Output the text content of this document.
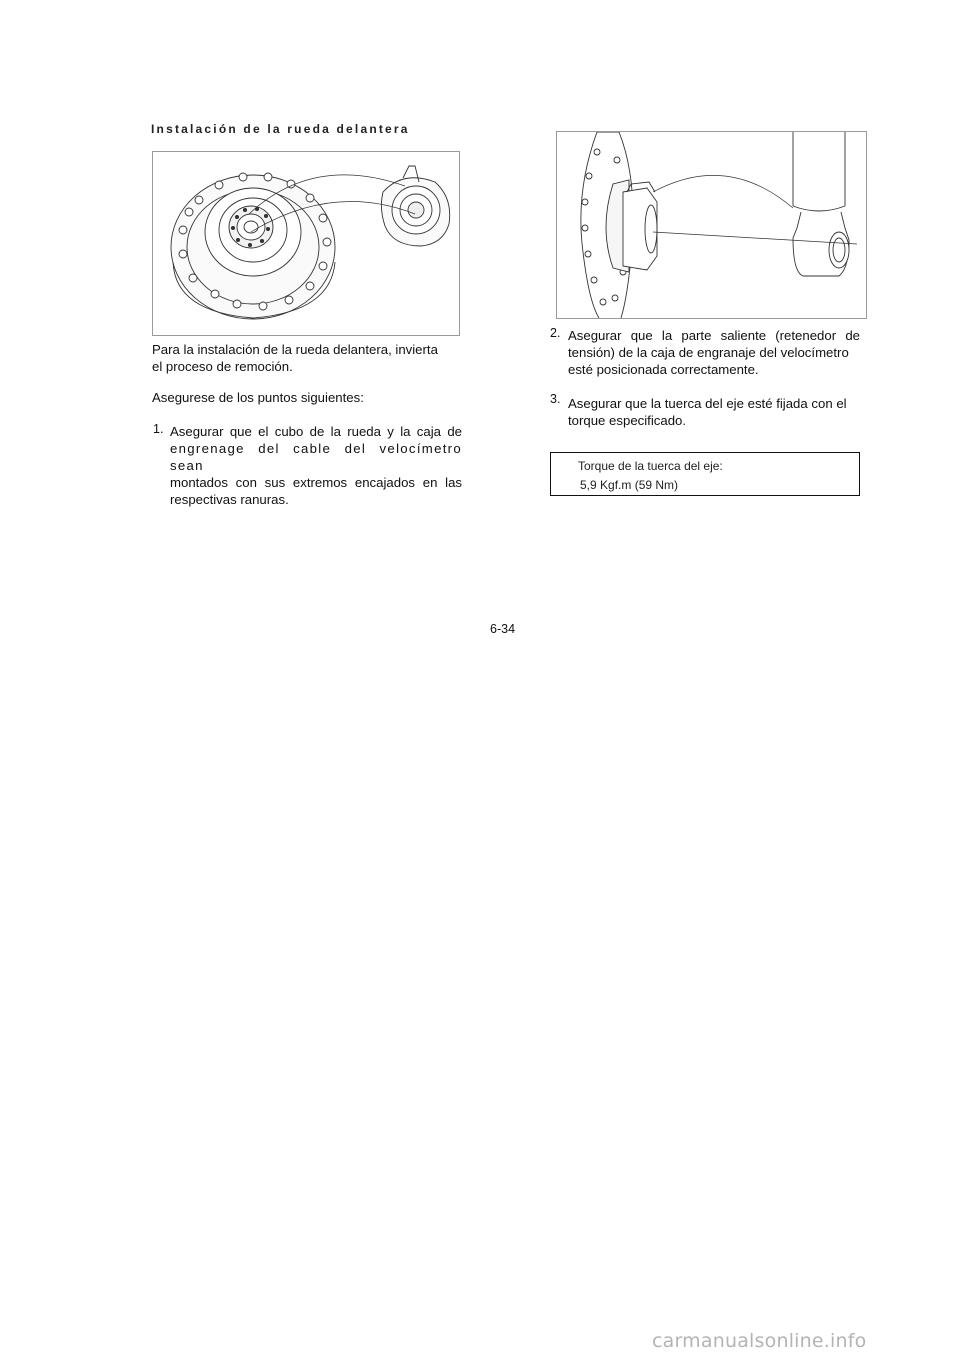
Instalación de la rueda delantera
Para la instalación de la rueda delantera, invierta
el proceso de remoción.
Asegurese de los puntos siguientes:
1. Asegurar que el cubo de la rueda y la caja de
engrenage del cable del velocímetro sean
montados con sus extremos encajados en las
respectivas ranuras.
2. Asegurar que la parte saliente (retenedor de
tensión) de la caja de engranaje del velocímetro
esté posicionada correctamente.
3. Asegurar que la tuerca del eje esté fijada con el
torque especificado.
Torque de la tuerca del eje:
5,9 Kgf.m (59 Nm)
6-34
carmanualsonline.info
